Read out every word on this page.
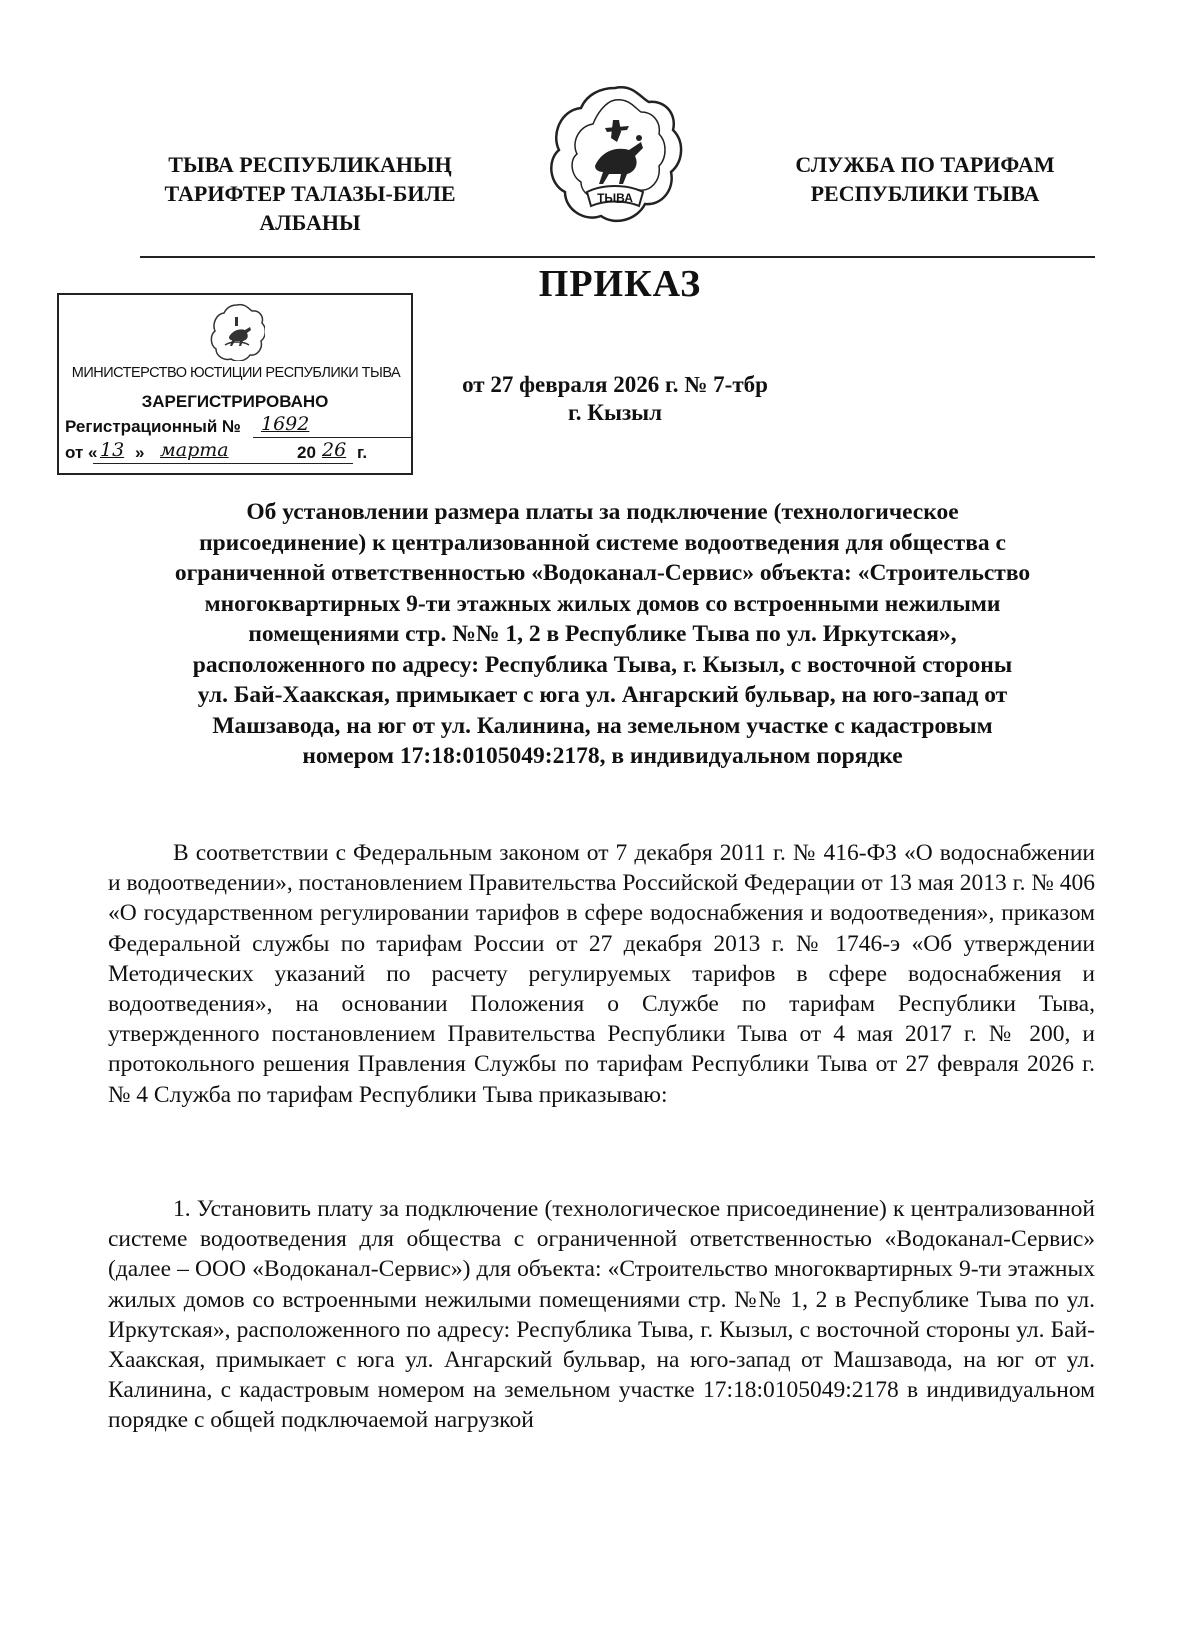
ТЫВА РЕСПУБЛИКАНЫҢ
ТАРИФТЕР ТАЛАЗЫ-БИЛЕ
АЛБАНЫ
ТЫВА
СЛУЖБА ПО ТАРИФАМ
РЕСПУБЛИКИ ТЫВА
ПРИКАЗ
МИНИСТЕРСТВО ЮСТИЦИИ РЕСПУБЛИКИ ТЫВА
ЗАРЕГИСТРИРОВАНО
Регистрационный № 1692
от « 13 » марта	20 26 г.
от 27 февраля 2026 г. № 7-тбр
г. Кызыл
Об установлении размера платы за подключение (технологическое
присоединение) к централизованной системе водоотведения для общества с
ограниченной ответственностью «Водоканал-Сервис» объекта: «Строительство
многоквартирных 9-ти этажных жилых домов со встроенными нежилыми
помещениями стр. №№ 1, 2 в Республике Тыва по ул. Иркутская»,
расположенного по адресу: Республика Тыва, г. Кызыл, с восточной стороны
ул. Бай-Хаакская, примыкает с юга ул. Ангарский бульвар, на юго-запад от
Машзавода, на юг от ул. Калинина, на земельном участке с кадастровым
номером 17:18:0105049:2178, в индивидуальном порядке
В соответствии с Федеральным законом от 7 декабря 2011 г. № 416-ФЗ «О водоснабжении и водоотведении», постановлением Правительства Российской Федерации от 13 мая 2013 г. № 406 «О государственном регулировании тарифов в сфере водоснабжения и водоотведения», приказом Федеральной службы по тарифам России от 27 декабря 2013 г. № 1746-э «Об утверждении Методических указаний по расчету регулируемых тарифов в сфере водоснабжения и водоотведения», на основании Положения о Службе по тарифам Республики Тыва, утвержденного постановлением Правительства Республики Тыва от 4 мая 2017 г. № 200, и протокольного решения Правления Службы по тарифам Республики Тыва от 27 февраля 2026 г. № 4 Служба по тарифам Республики Тыва приказываю:
1. Установить плату за подключение (технологическое присоединение) к централизованной системе водоотведения для общества с ограниченной ответственностью «Водоканал-Сервис» (далее – ООО «Водоканал-Сервис») для объекта: «Строительство многоквартирных 9-ти этажных жилых домов со встроенными нежилыми помещениями стр. №№ 1, 2 в Республике Тыва по ул. Иркутская», расположенного по адресу: Республика Тыва, г. Кызыл, с восточной стороны ул. Бай-Хаакская, примыкает с юга ул. Ангарский бульвар, на юго-запад от Машзавода, на юг от ул. Калинина, с кадастровым номером на земельном участке 17:18:0105049:2178 в индивидуальном порядке с общей подключаемой нагрузкой
